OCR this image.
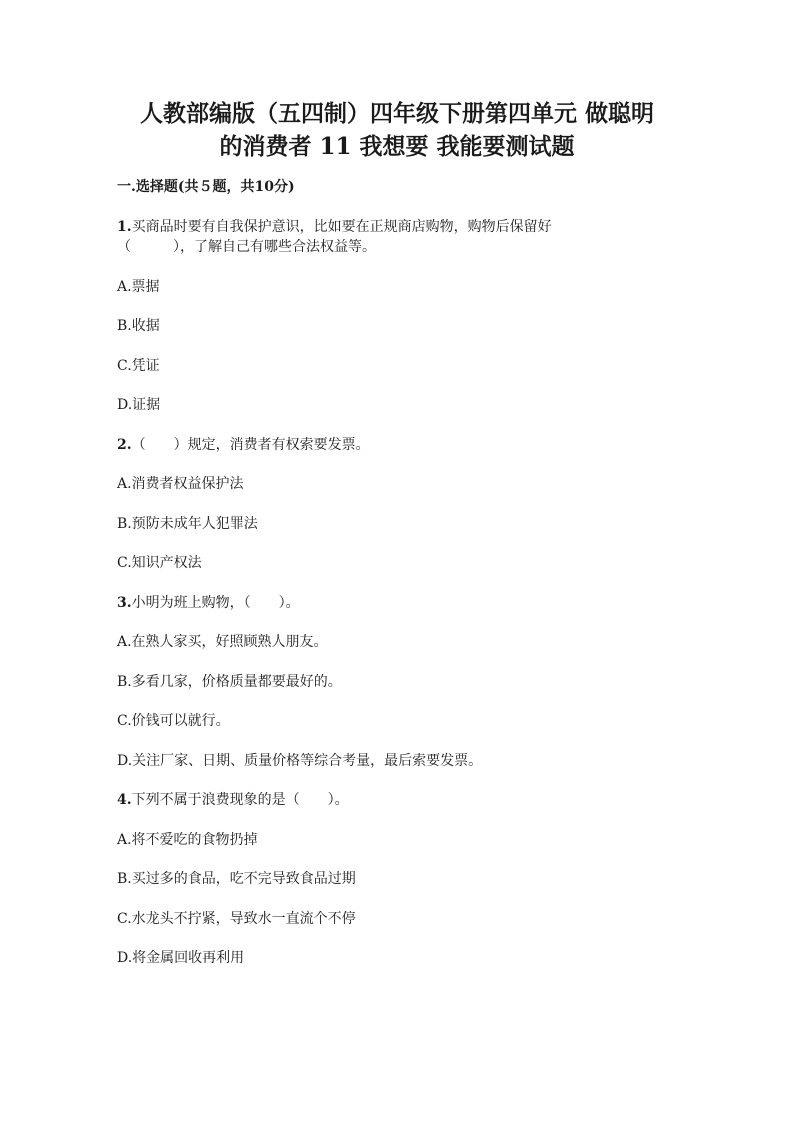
人教部编版（五四制）四年级下册第四单元 做聪明
的消费者 11 我想要 我能要测试题
一.选择题(共５题，共10分)
1.买商品时要有自我保护意识，比如要在正规商店购物，购物后保留好
（　　　），了解自己有哪些合法权益等。
A.票据
B.收据
C.凭证
D.证据
2.（　　）规定，消费者有权索要发票。
A.消费者权益保护法
B.预防未成年人犯罪法
C.知识产权法
3.小明为班上购物，（　　）。
A.在熟人家买，好照顾熟人朋友。
B.多看几家，价格质量都要最好的。
C.价钱可以就行。
D.关注厂家、日期、质量价格等综合考量，最后索要发票。
4.下列不属于浪费现象的是（　　）。
A.将不爱吃的食物扔掉
B.买过多的食品，吃不完导致食品过期
C.水龙头不拧紧，导致水一直流个不停
D.将金属回收再利用
